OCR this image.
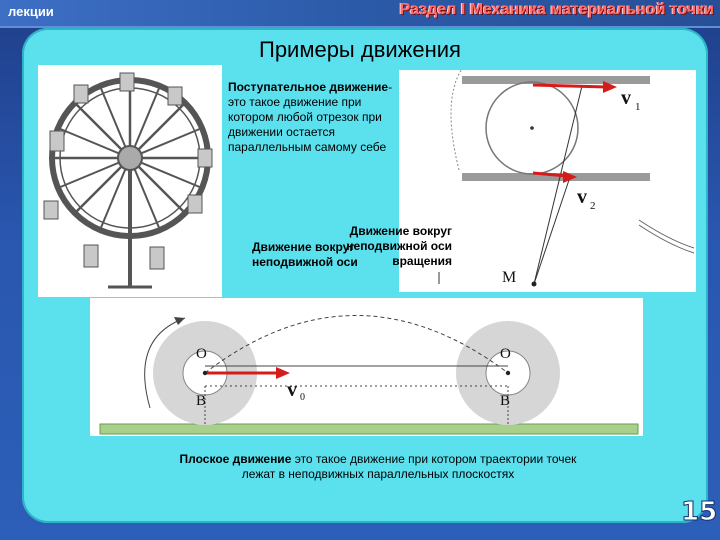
лекции	Раздел I Механика материальной точки
Примеры движения
Поступательное движение- это такое движение при котором любой отрезок при движении остается параллельным самому себе
v 1
v 2
M
Движение вокруг
неподвижной оси
вращения
Движение вокруг
неподвижной оси
O
B
O
B
v 0
Плоское движение это такое движение при котором траектории точек лежат в неподвижных параллельных плоскостях
15
